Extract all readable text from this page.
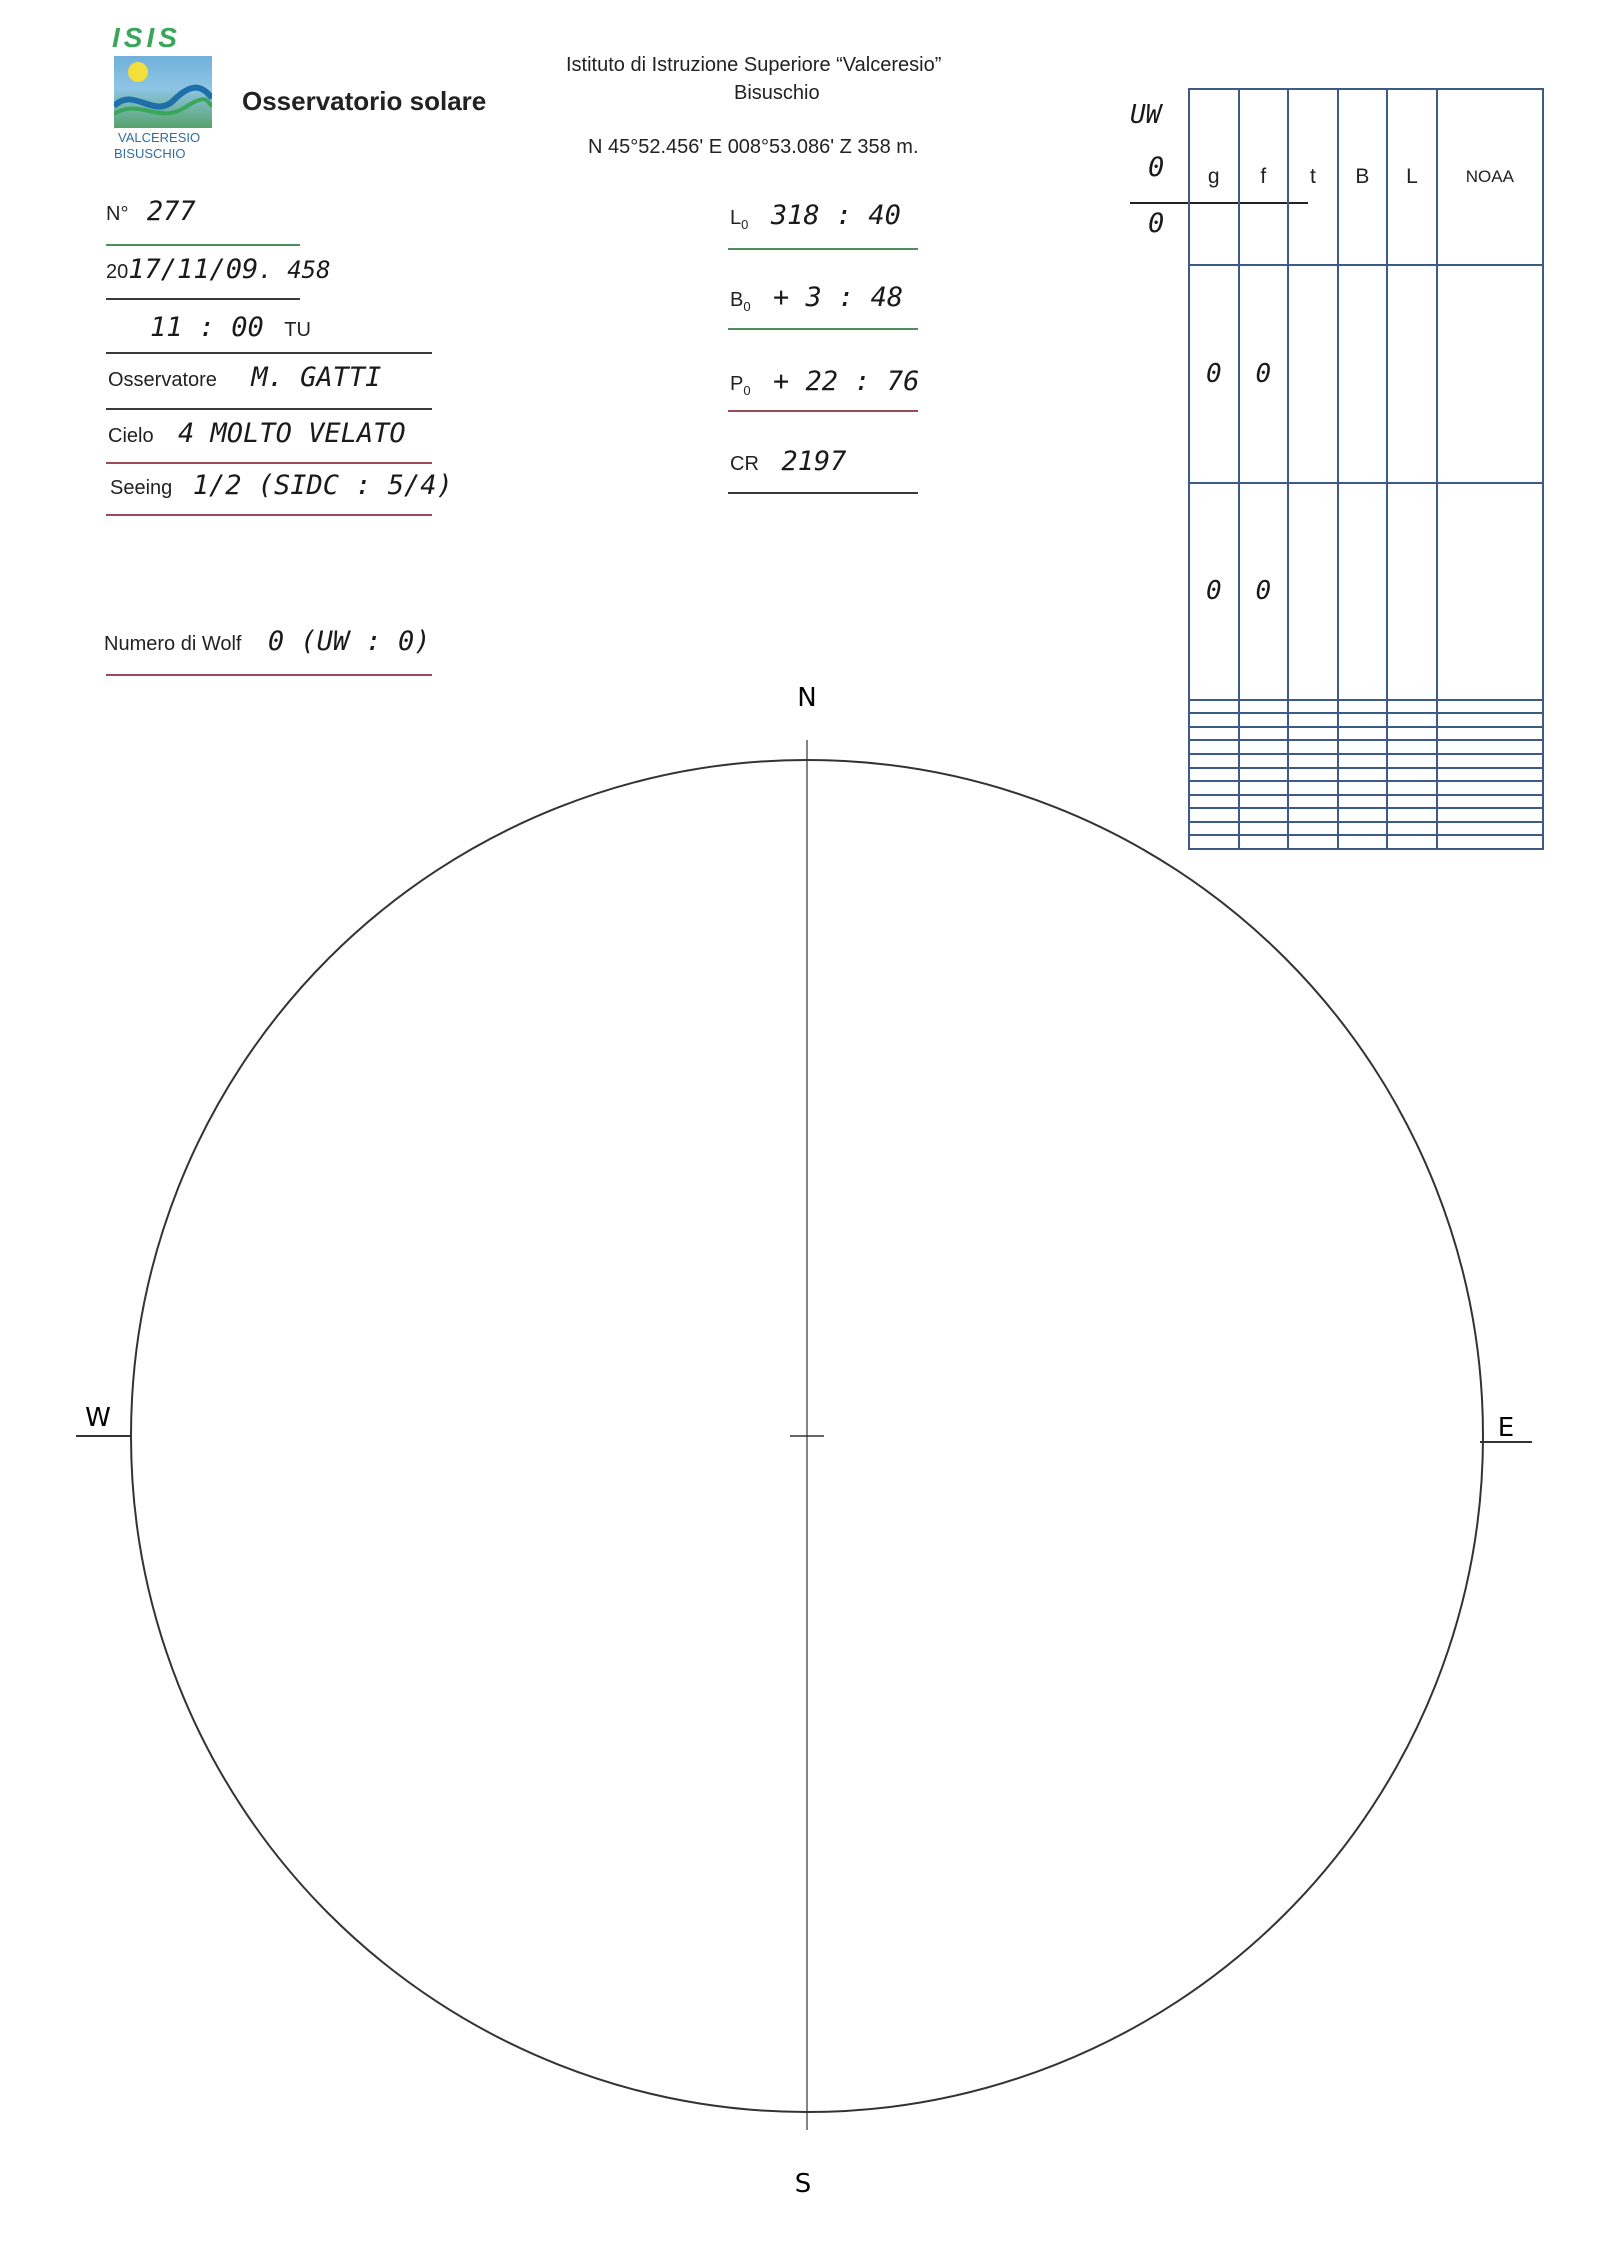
ISIS
VALCERESIO
BISUSCHIO
Osservatorio solare
Istituto di Istruzione Superiore “Valceresio”
Bisuschio
N 45°52.456' E 008°53.086' Z 358 m.
N° 277
2017/11/09. 458
11 : 00 TU
Osservatore M. GATTI
Cielo 4 MOLTO VELATO
Seeing 1/2 (SIDC : 5/4)
Numero di Wolf 0 (UW : 0)
$L_0$ 318 : 40
$B_0 + 3$ : 48
$P_0 + 22$ : 76
CR 2197
UW
0
0
g	f	t	B	L	NOAA
0	0				
0	0				

N
S
E
W
